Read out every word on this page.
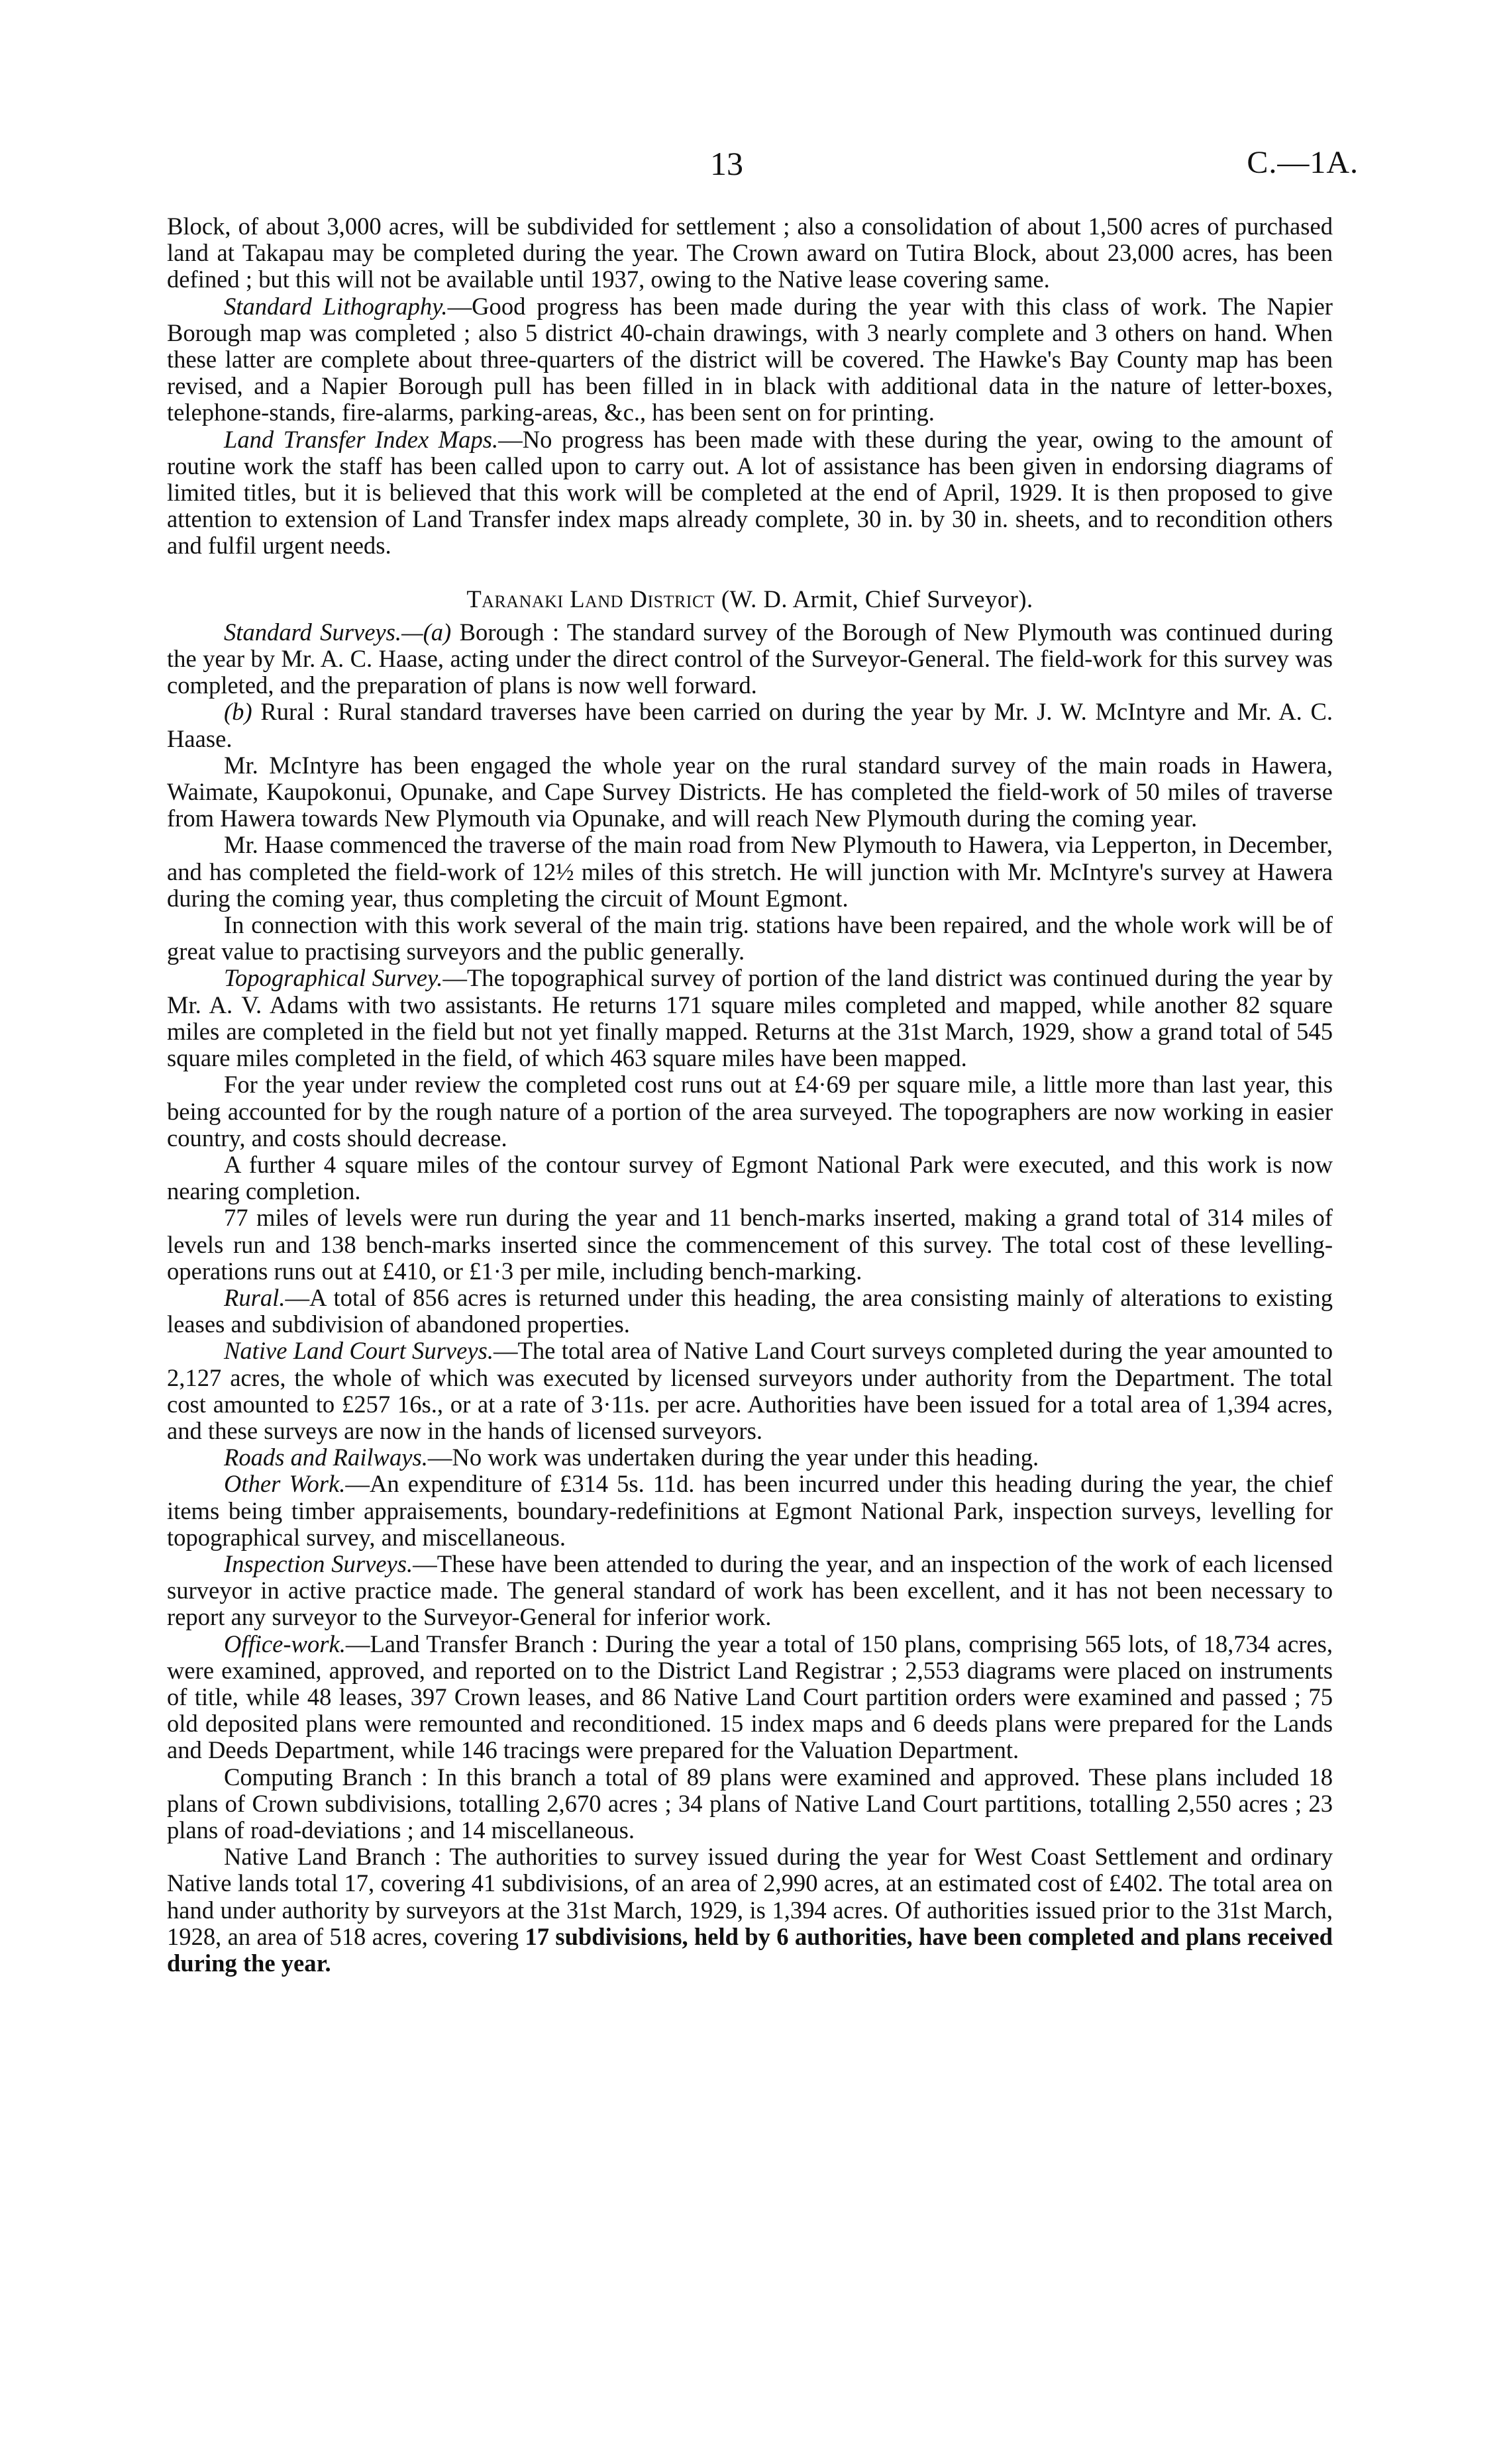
13	C.—1A.

Block, of about 3,000 acres, will be subdivided for settlement ; also a consolidation of about 1,500 acres of purchased land at Takapau may be completed during the year. The Crown award on Tutira Block, about 23,000 acres, has been defined ; but this will not be available until 1937, owing to the Native lease covering same.

Standard Lithography.—Good progress has been made during the year with this class of work. The Napier Borough map was completed ; also 5 district 40-chain drawings, with 3 nearly complete and 3 others on hand. When these latter are complete about three-quarters of the district will be covered. The Hawke's Bay County map has been revised, and a Napier Borough pull has been filled in in black with additional data in the nature of letter-boxes, telephone-stands, fire-alarms, parking-areas, &c., has been sent on for printing.

Land Transfer Index Maps.—No progress has been made with these during the year, owing to the amount of routine work the staff has been called upon to carry out. A lot of assistance has been given in endorsing diagrams of limited titles, but it is believed that this work will be completed at the end of April, 1929. It is then proposed to give attention to extension of Land Transfer index maps already complete, 30 in. by 30 in. sheets, and to recondition others and fulfil urgent needs.

Taranaki Land District (W. D. Armit, Chief Surveyor).

Standard Surveys.—(a) Borough : The standard survey of the Borough of New Plymouth was continued during the year by Mr. A. C. Haase, acting under the direct control of the Surveyor-General. The field-work for this survey was completed, and the preparation of plans is now well forward.

(b) Rural : Rural standard traverses have been carried on during the year by Mr. J. W. McIntyre and Mr. A. C. Haase.

Mr. McIntyre has been engaged the whole year on the rural standard survey of the main roads in Hawera, Waimate, Kaupokonui, Opunake, and Cape Survey Districts. He has completed the field-work of 50 miles of traverse from Hawera towards New Plymouth via Opunake, and will reach New Plymouth during the coming year.

Mr. Haase commenced the traverse of the main road from New Plymouth to Hawera, via Lepperton, in December, and has completed the field-work of 12½ miles of this stretch. He will junction with Mr. McIntyre's survey at Hawera during the coming year, thus completing the circuit of Mount Egmont.

In connection with this work several of the main trig. stations have been repaired, and the whole work will be of great value to practising surveyors and the public generally.

Topographical Survey.—The topographical survey of portion of the land district was continued during the year by Mr. A. V. Adams with two assistants. He returns 171 square miles completed and mapped, while another 82 square miles are completed in the field but not yet finally mapped. Returns at the 31st March, 1929, show a grand total of 545 square miles completed in the field, of which 463 square miles have been mapped.

For the year under review the completed cost runs out at £4·69 per square mile, a little more than last year, this being accounted for by the rough nature of a portion of the area surveyed. The topographers are now working in easier country, and costs should decrease.

A further 4 square miles of the contour survey of Egmont National Park were executed, and this work is now nearing completion.

77 miles of levels were run during the year and 11 bench-marks inserted, making a grand total of 314 miles of levels run and 138 bench-marks inserted since the commencement of this survey. The total cost of these levelling-operations runs out at £410, or £1·3 per mile, including bench-marking.

Rural.—A total of 856 acres is returned under this heading, the area consisting mainly of alterations to existing leases and subdivision of abandoned properties.

Native Land Court Surveys.—The total area of Native Land Court surveys completed during the year amounted to 2,127 acres, the whole of which was executed by licensed surveyors under authority from the Department. The total cost amounted to £257 16s., or at a rate of 3·11s. per acre. Authorities have been issued for a total area of 1,394 acres, and these surveys are now in the hands of licensed surveyors.

Roads and Railways.—No work was undertaken during the year under this heading.

Other Work.—An expenditure of £314 5s. 11d. has been incurred under this heading during the year, the chief items being timber appraisements, boundary-redefinitions at Egmont National Park, inspection surveys, levelling for topographical survey, and miscellaneous.

Inspection Surveys.—These have been attended to during the year, and an inspection of the work of each licensed surveyor in active practice made. The general standard of work has been excellent, and it has not been necessary to report any surveyor to the Surveyor-General for inferior work.

Office-work.—Land Transfer Branch : During the year a total of 150 plans, comprising 565 lots, of 18,734 acres, were examined, approved, and reported on to the District Land Registrar ; 2,553 diagrams were placed on instruments of title, while 48 leases, 397 Crown leases, and 86 Native Land Court partition orders were examined and passed ; 75 old deposited plans were remounted and reconditioned. 15 index maps and 6 deeds plans were prepared for the Lands and Deeds Department, while 146 tracings were prepared for the Valuation Department.

Computing Branch : In this branch a total of 89 plans were examined and approved. These plans included 18 plans of Crown subdivisions, totalling 2,670 acres ; 34 plans of Native Land Court partitions, totalling 2,550 acres ; 23 plans of road-deviations ; and 14 miscellaneous.

Native Land Branch : The authorities to survey issued during the year for West Coast Settlement and ordinary Native lands total 17, covering 41 subdivisions, of an area of 2,990 acres, at an estimated cost of £402. The total area on hand under authority by surveyors at the 31st March, 1929, is 1,394 acres. Of authorities issued prior to the 31st March, 1928, an area of 518 acres, covering 17 subdivisions, held by 6 authorities, have been completed and plans received during the year.
